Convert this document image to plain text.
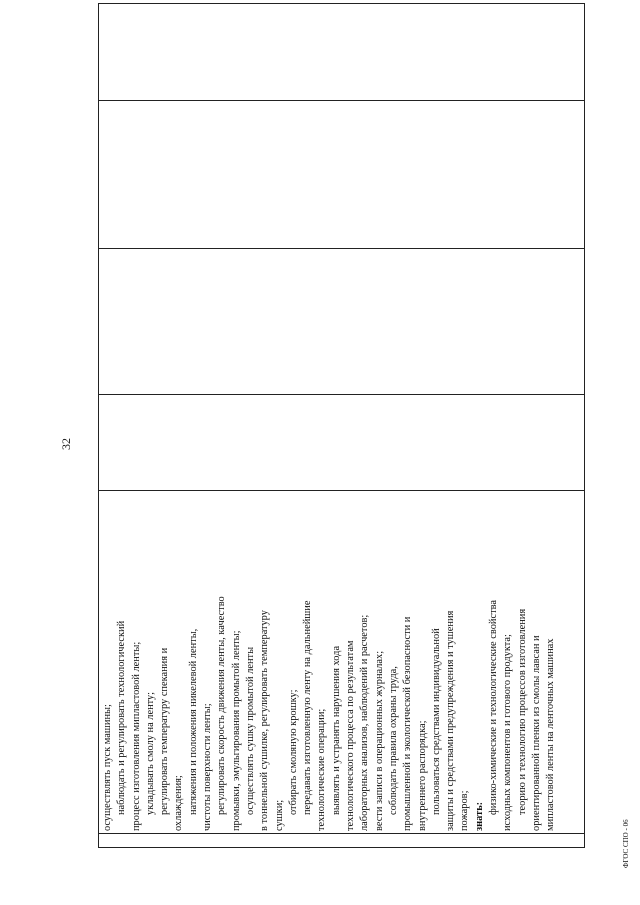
32

осуществлять пуск машины; наблюдать и регулировать технологический процесс изготовления мипластовой ленты; укладывать смолу на ленту; регулировать температуру спекания и охлаждения; натяжения и положения никелевой ленты, чистоты поверхности ленты; регулировать скорость движения ленты, качество промывки, эмульгирования промытой ленты; осуществлять сушку промытой ленты в тоннельной сушилке, регулировать температуру сушки;
отбирать смоляную крошку; передавать изготовленную ленту на дальнейшие технологические операции; выявлять и устранять нарушения хода технологического процесса по результатам лабораторных анализов, наблюдений и расчетов; вести записи в операционных журналах; соблюдать правила охраны труда, промышленной и экологической безопасности и внутреннего распорядка; пользоваться средствами индивидуальной защиты и средствами предупреждения и тушения пожаров; знать:
физико-химические и технологические свойства исходных компонентов и готового продукта; теорию и технологию процессов изготовления ориентированной пленки из смолы лавсан и мипластовой ленты на ленточных машинах

ФГОС СПО - 06
